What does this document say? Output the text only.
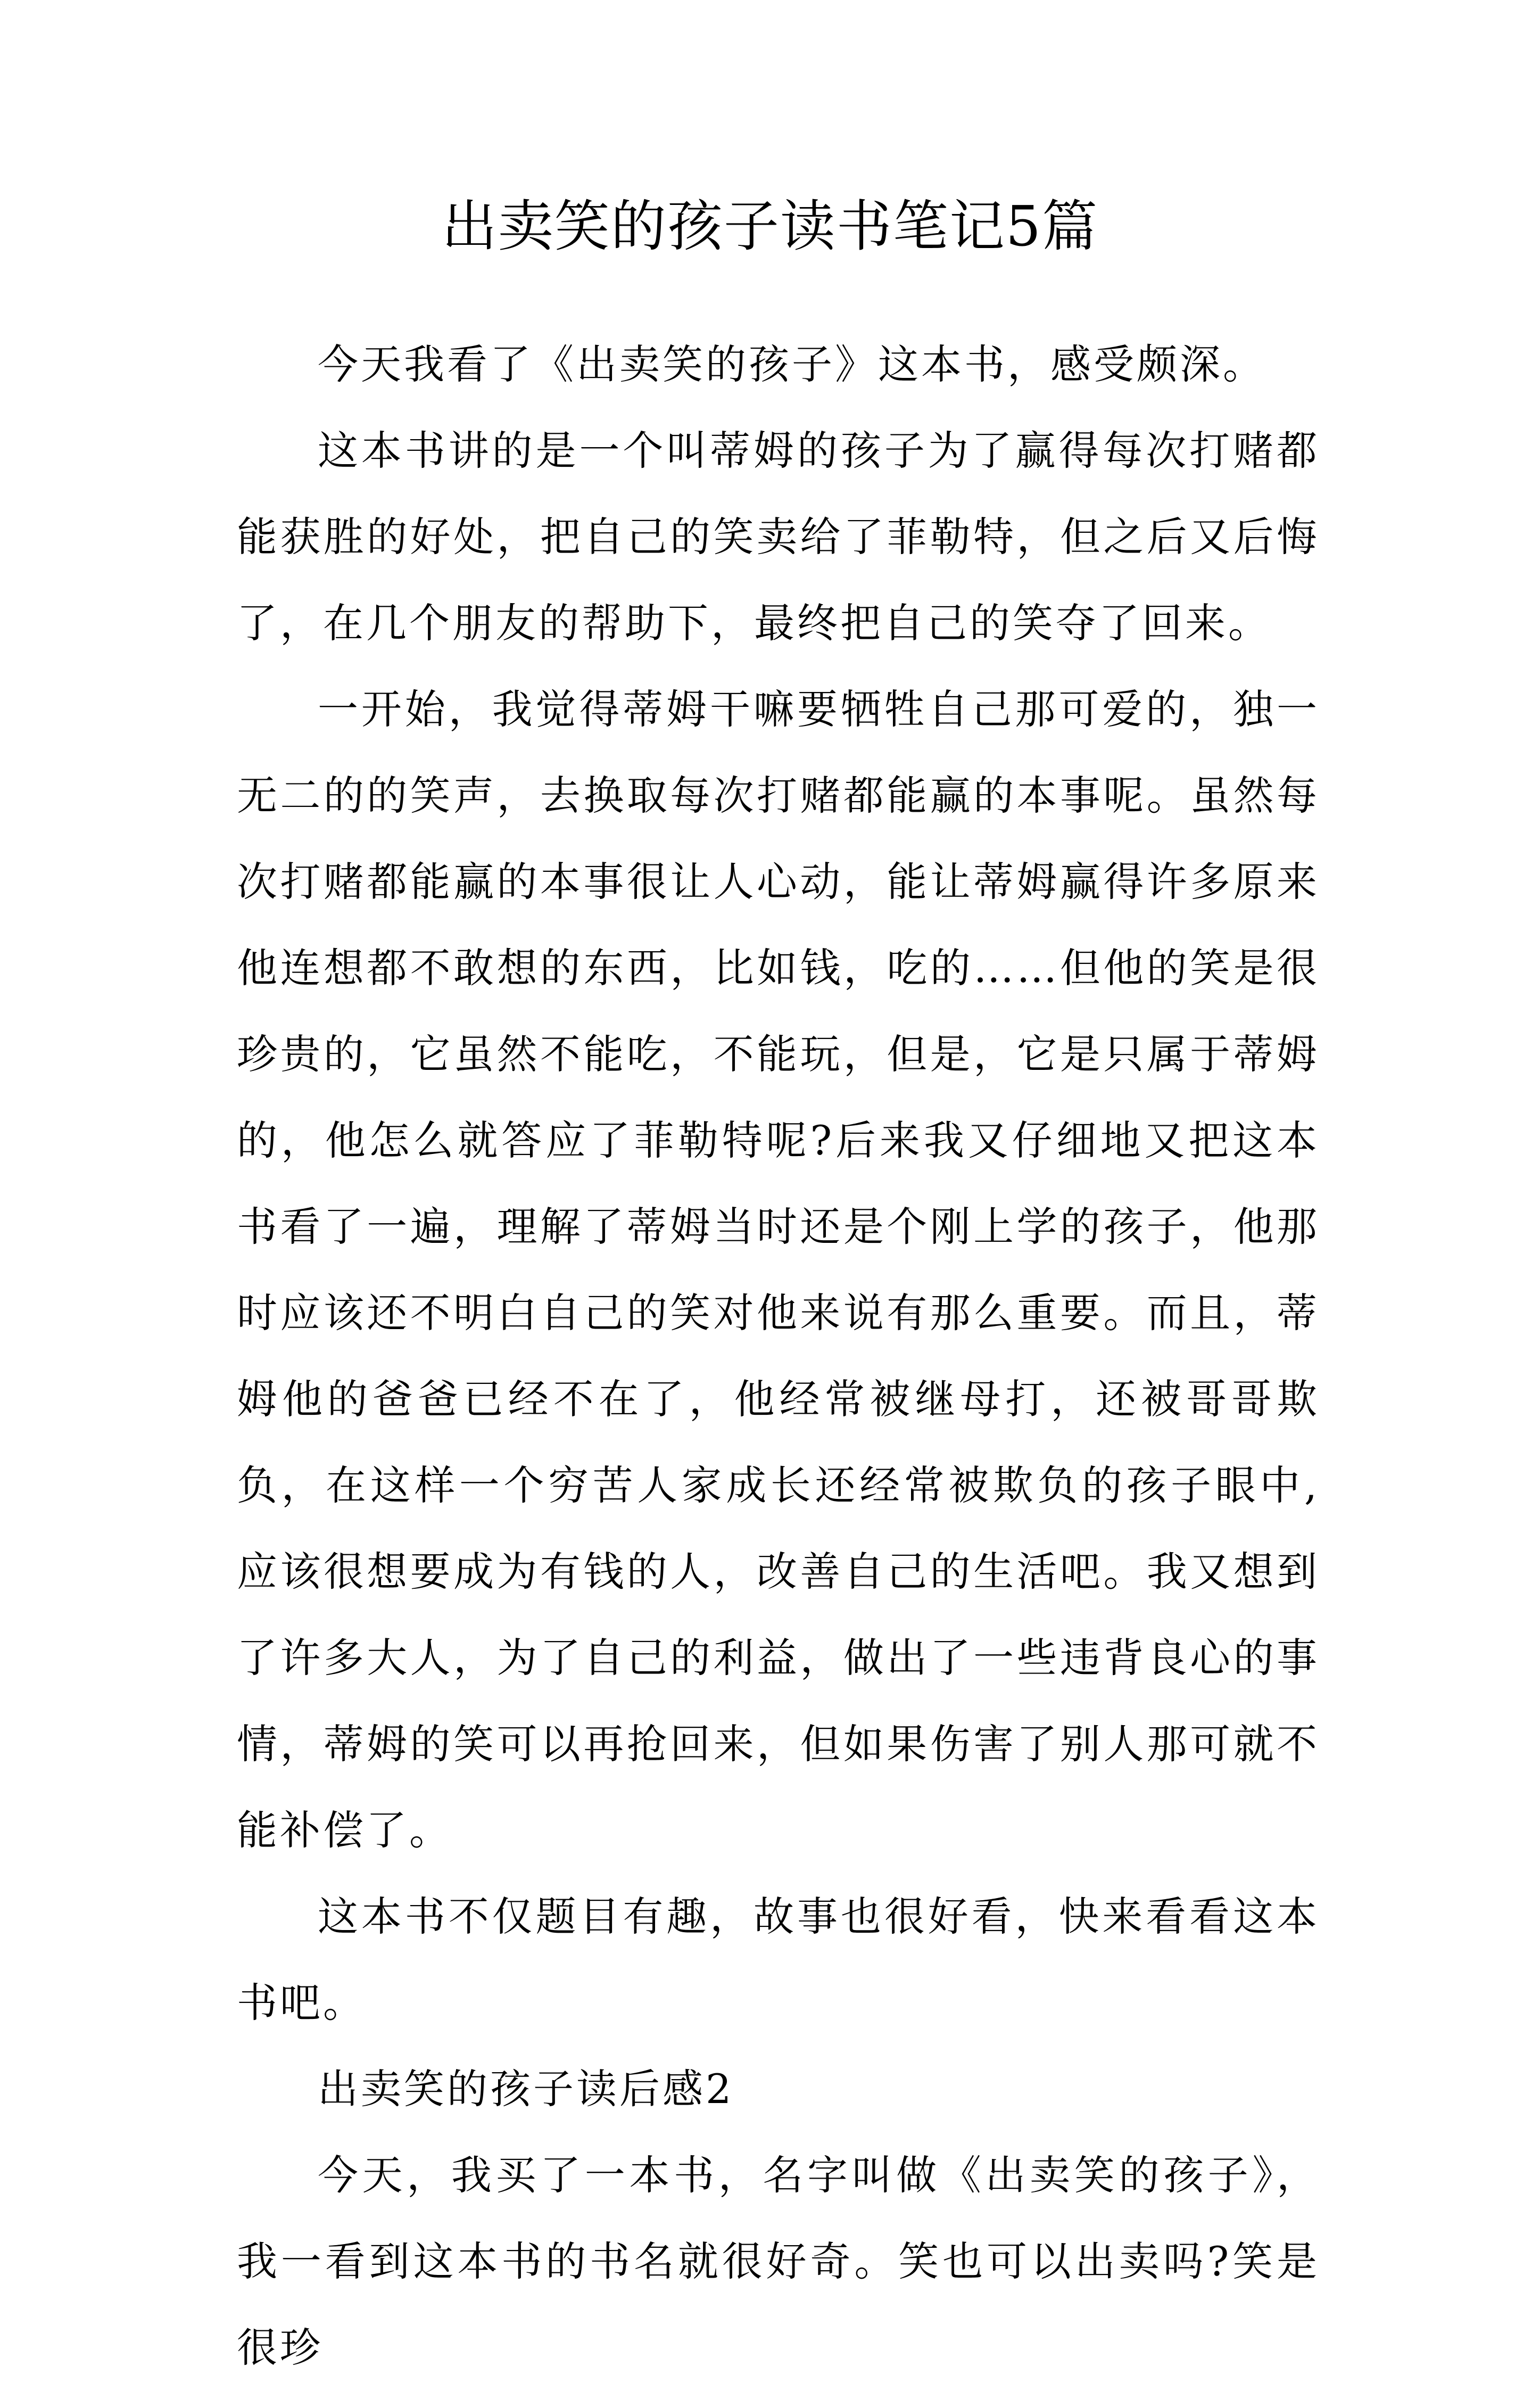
出卖笑的孩子读书笔记5篇

今天我看了《出卖笑的孩子》这本书，感受颇深。

这本书讲的是一个叫蒂姆的孩子为了赢得每次打赌都能获胜的好处，把自己的笑卖给了菲勒特，但之后又后悔了，在几个朋友的帮助下，最终把自己的笑夺了回来。

一开始，我觉得蒂姆干嘛要牺牲自己那可爱的，独一无二的的笑声，去换取每次打赌都能赢的本事呢。虽然每次打赌都能赢的本事很让人心动，能让蒂姆赢得许多原来他连想都不敢想的东西，比如钱，吃的……但他的笑是很珍贵的，它虽然不能吃，不能玩，但是，它是只属于蒂姆的，他怎么就答应了菲勒特呢?后来我又仔细地又把这本书看了一遍，理解了蒂姆当时还是个刚上学的孩子，他那时应该还不明白自己的笑对他来说有那么重要。而且，蒂姆他的爸爸已经不在了，他经常被继母打，还被哥哥欺负，在这样一个穷苦人家成长还经常被欺负的孩子眼中,应该很想要成为有钱的人，改善自己的生活吧。我又想到了许多大人，为了自己的利益，做出了一些违背良心的事情，蒂姆的笑可以再抢回来，但如果伤害了别人那可就不能补偿了。

这本书不仅题目有趣，故事也很好看，快来看看这本书吧。

出卖笑的孩子读后感2

今天，我买了一本书，名字叫做《出卖笑的孩子》，我一看到这本书的书名就很好奇。笑也可以出卖吗?笑是很珍
